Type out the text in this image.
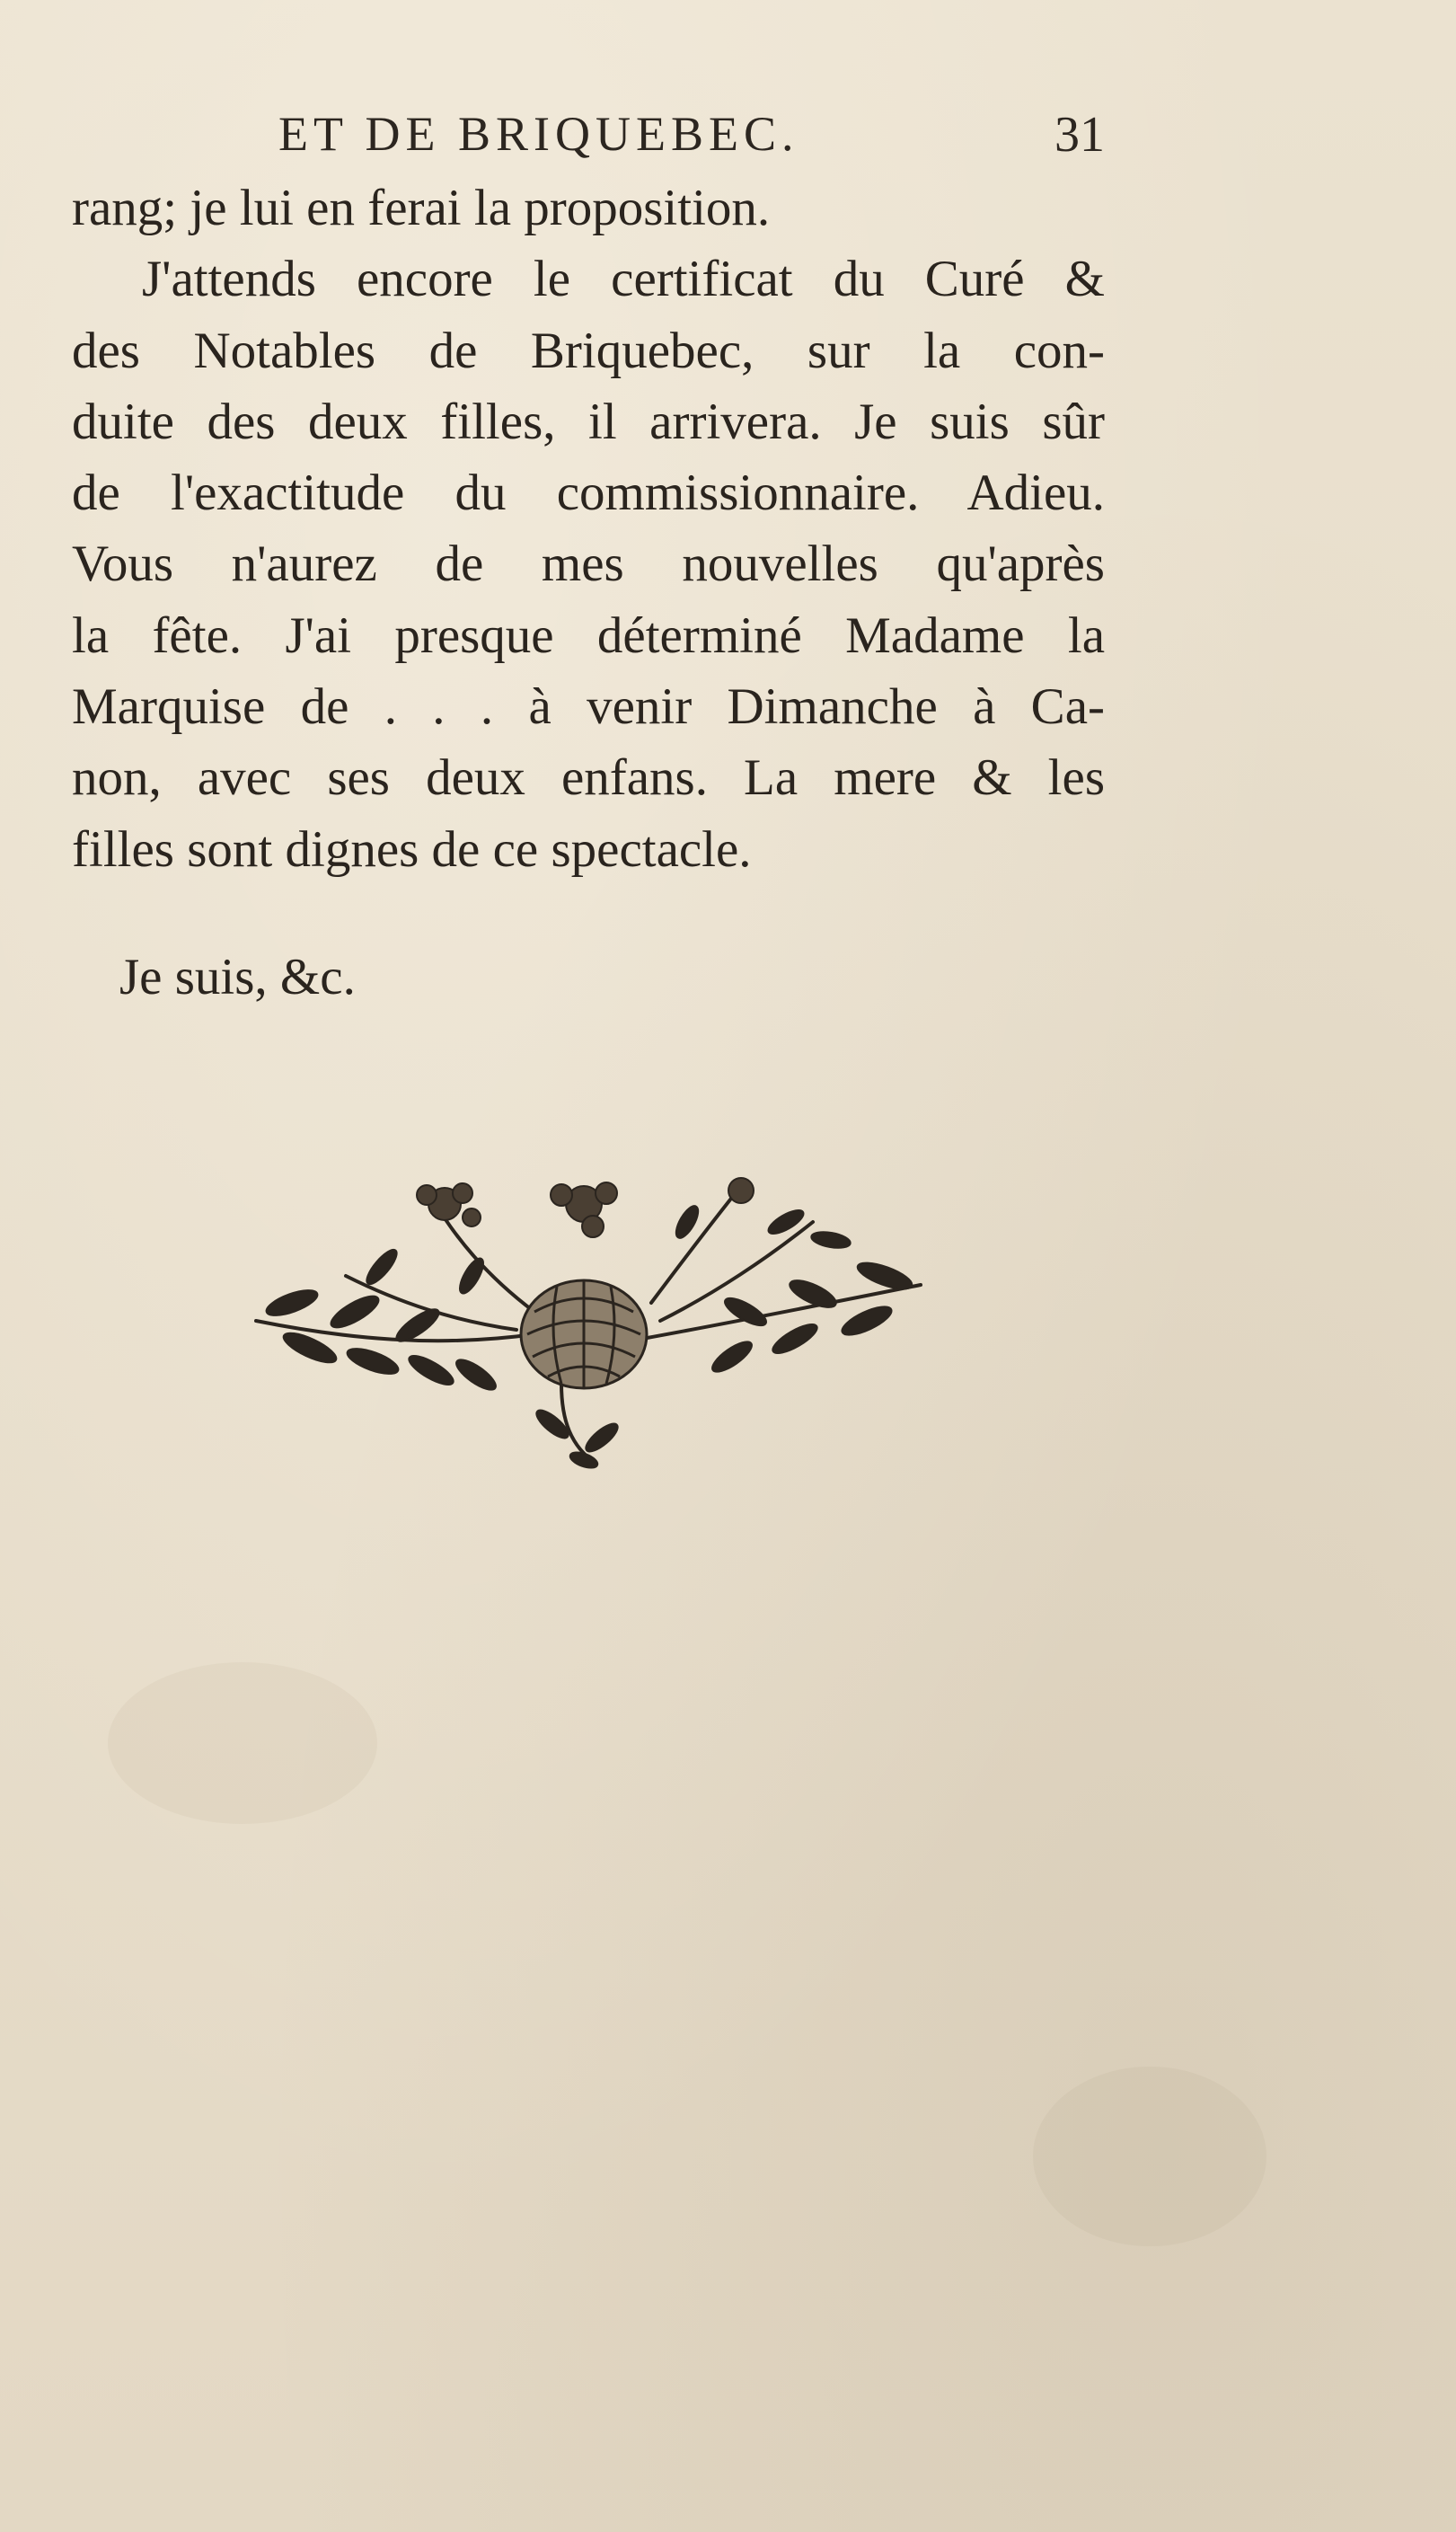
ET DE BRIQUEBEC.	31
rang; je lui en ferai la proposition.
J'attends encore le certificat du Curé &
des Notables de Briquebec, sur la con-
duite des deux filles, il arrivera. Je suis sûr
de l'exactitude du commissionnaire. Adieu.
Vous n'aurez de mes nouvelles qu'après
la fête. J'ai presque déterminé Madame la
Marquise de . . . à venir Dimanche à Ca-
non, avec ses deux enfans. La mere & les
filles sont dignes de ce spectacle.
Je suis, &c.
